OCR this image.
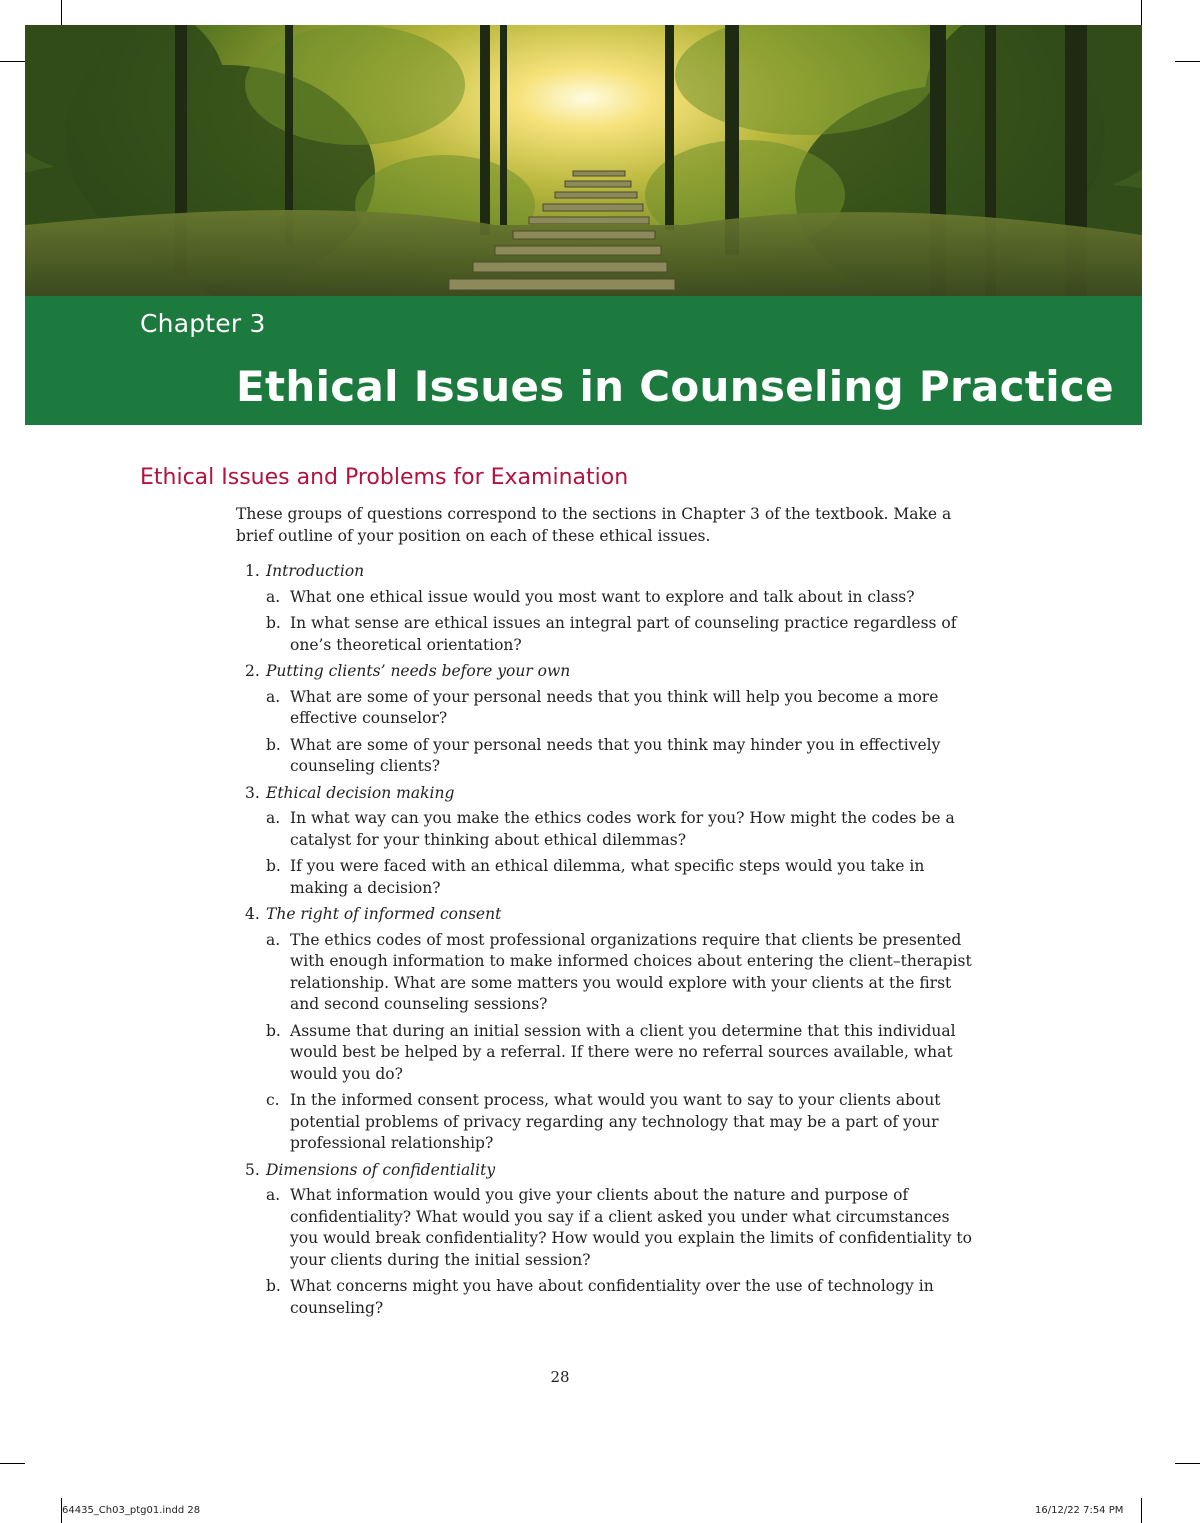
Chapter 3
Ethical Issues in Counseling Practice
Ethical Issues and Problems for Examination

These groups of questions correspond to the sections in Chapter 3 of the textbook. Make a brief outline of your position on each of these ethical issues.

1. Introduction
a. What one ethical issue would you most want to explore and talk about in class?
b. In what sense are ethical issues an integral part of counseling practice regardless of one’s theoretical orientation?
2. Putting clients’ needs before your own
a. What are some of your personal needs that you think will help you become a more effective counselor?
b. What are some of your personal needs that you think may hinder you in effectively counseling clients?
3. Ethical decision making
a. In what way can you make the ethics codes work for you? How might the codes be a catalyst for your thinking about ethical dilemmas?
b. If you were faced with an ethical dilemma, what specific steps would you take in making a decision?
4. The right of informed consent
a. The ethics codes of most professional organizations require that clients be presented with enough information to make informed choices about entering the client–therapist relationship. What are some matters you would explore with your clients at the first and second counseling sessions?
b. Assume that during an initial session with a client you determine that this individual would best be helped by a referral. If there were no referral sources available, what would you do?
c. In the informed consent process, what would you want to say to your clients about potential problems of privacy regarding any technology that may be a part of your professional relationship?
5. Dimensions of confidentiality
a. What information would you give your clients about the nature and purpose of confidentiality? What would you say if a client asked you under what circumstances you would break confidentiality? How would you explain the limits of confidentiality to your clients during the initial session?
b. What concerns might you have about confidentiality over the use of technology in counseling?
28
64435_Ch03_ptg01.indd 28	16/12/22 7:54 PM
